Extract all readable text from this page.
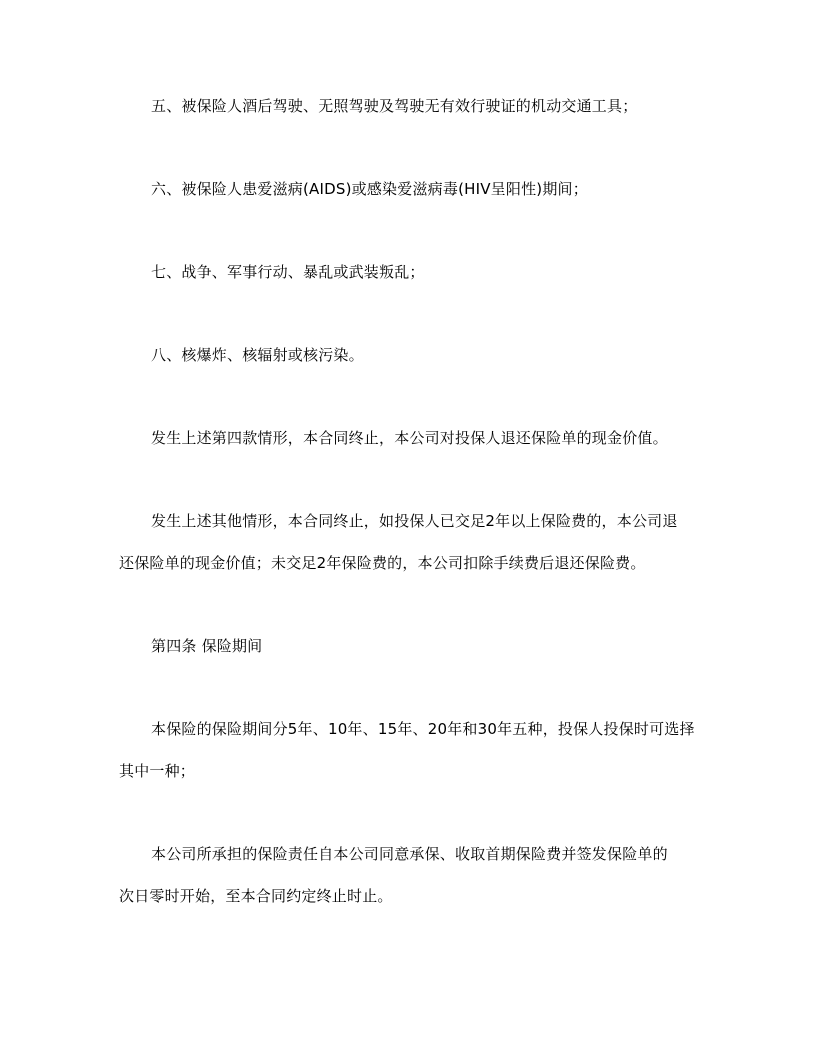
五、被保险人酒后驾驶、无照驾驶及驾驶无有效行驶证的机动交通工具；
六、被保险人患爱滋病(AIDS)或感染爱滋病毒(HIV呈阳性)期间；
七、战争、军事行动、暴乱或武装叛乱；
八、核爆炸、核辐射或核污染。
发生上述第四款情形，本合同终止，本公司对投保人退还保险单的现金价值。
发生上述其他情形，本合同终止，如投保人已交足2年以上保险费的，本公司退
还保险单的现金价值；未交足2年保险费的，本公司扣除手续费后退还保险费。
第四条 保险期间
本保险的保险期间分5年、10年、15年、20年和30年五种，投保人投保时可选择
其中一种；
本公司所承担的保险责任自本公司同意承保、收取首期保险费并签发保险单的
次日零时开始，至本合同约定终止时止。
